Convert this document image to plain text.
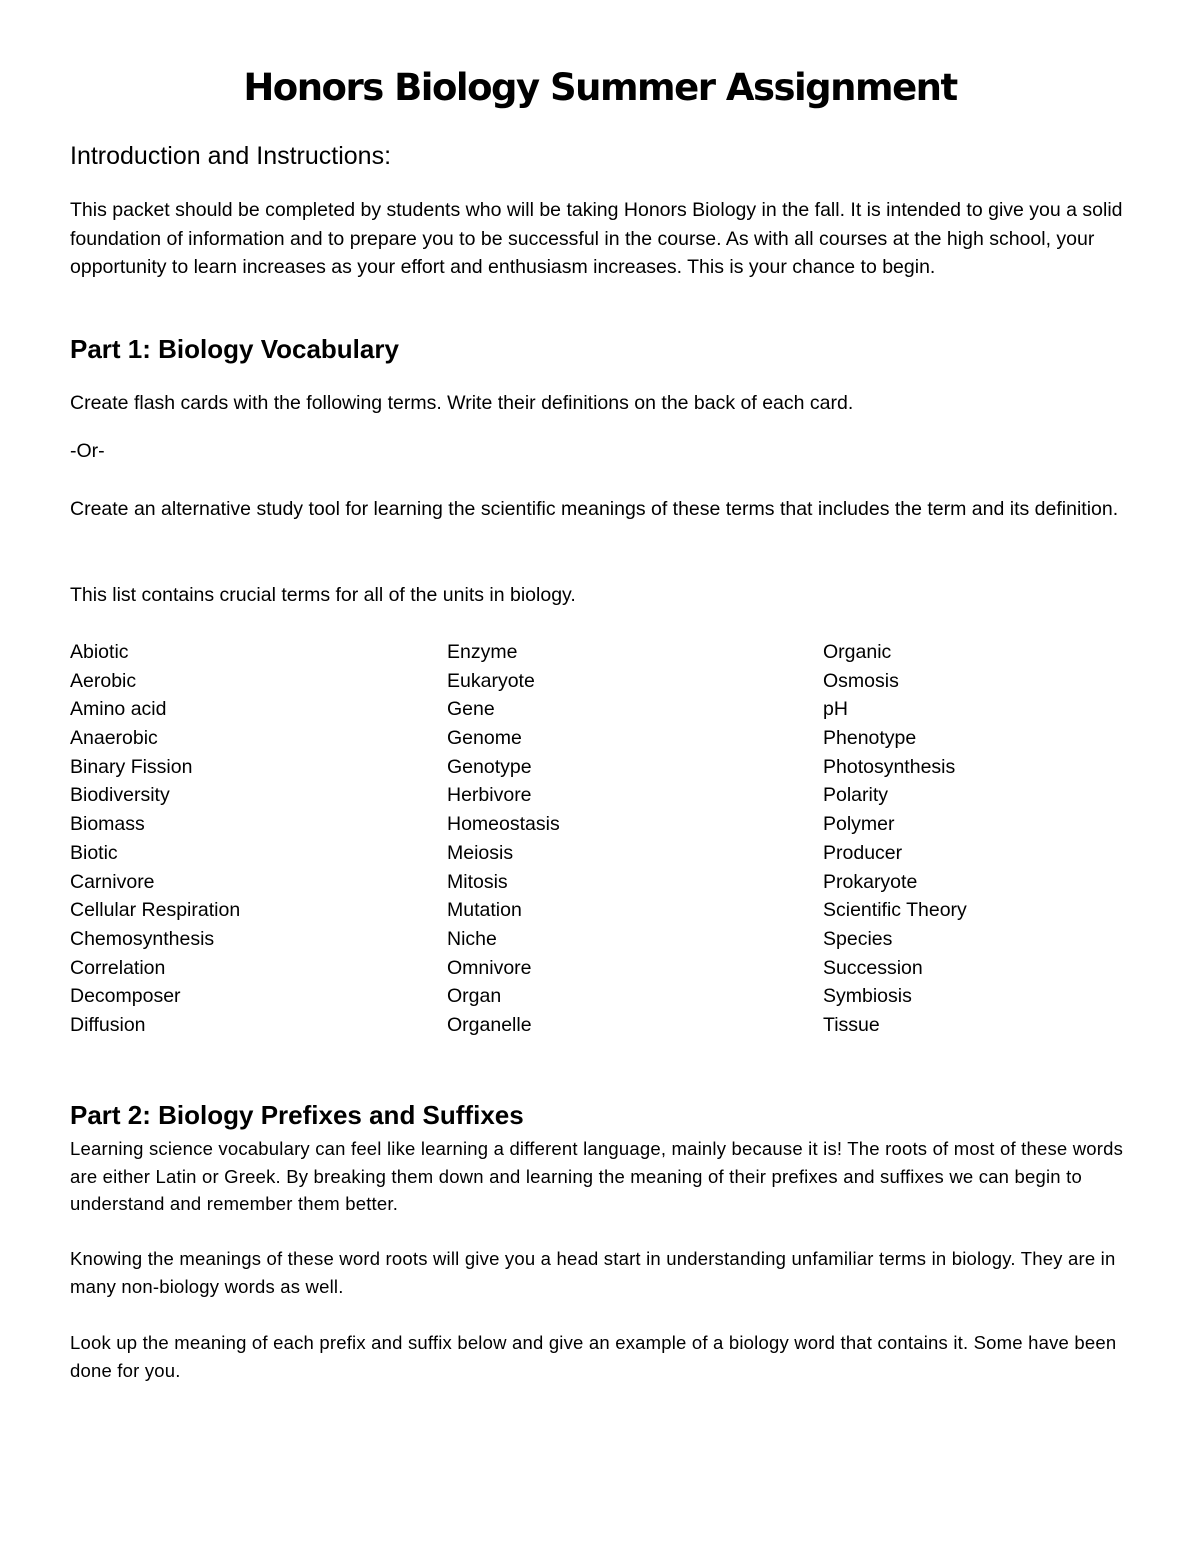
Honors Biology Summer Assignment
Introduction and Instructions:

This packet should be completed by students who will be taking Honors Biology in the fall. It is intended to give you a solid foundation of information and to prepare you to be successful in the course. As with all courses at the high school, your opportunity to learn increases as your effort and enthusiasm increases. This is your chance to begin.

Part 1: Biology Vocabulary

Create flash cards with the following terms. Write their definitions on the back of each card.

-Or-

Create an alternative study tool for learning the scientific meanings of these terms that includes the term and its definition.

This list contains crucial terms for all of the units in biology.

Abiotic
Aerobic
Amino acid
Anaerobic
Binary Fission
Biodiversity
Biomass
Biotic
Carnivore
Cellular Respiration
Chemosynthesis
Correlation
Decomposer
Diffusion
Enzyme
Eukaryote
Gene
Genome
Genotype
Herbivore
Homeostasis
Meiosis
Mitosis
Mutation
Niche
Omnivore
Organ
Organelle
Organic
Osmosis
pH
Phenotype
Photosynthesis
Polarity
Polymer
Producer
Prokaryote
Scientific Theory
Species
Succession
Symbiosis
Tissue
Part 2: Biology Prefixes and Suffixes

Learning science vocabulary can feel like learning a different language, mainly because it is! The roots of most of these words are either Latin or Greek. By breaking them down and learning the meaning of their prefixes and suffixes we can begin to understand and remember them better.

Knowing the meanings of these word roots will give you a head start in understanding unfamiliar terms in biology. They are in many non-biology words as well.

Look up the meaning of each prefix and suffix below and give an example of a biology word that contains it. Some have been done for you.
